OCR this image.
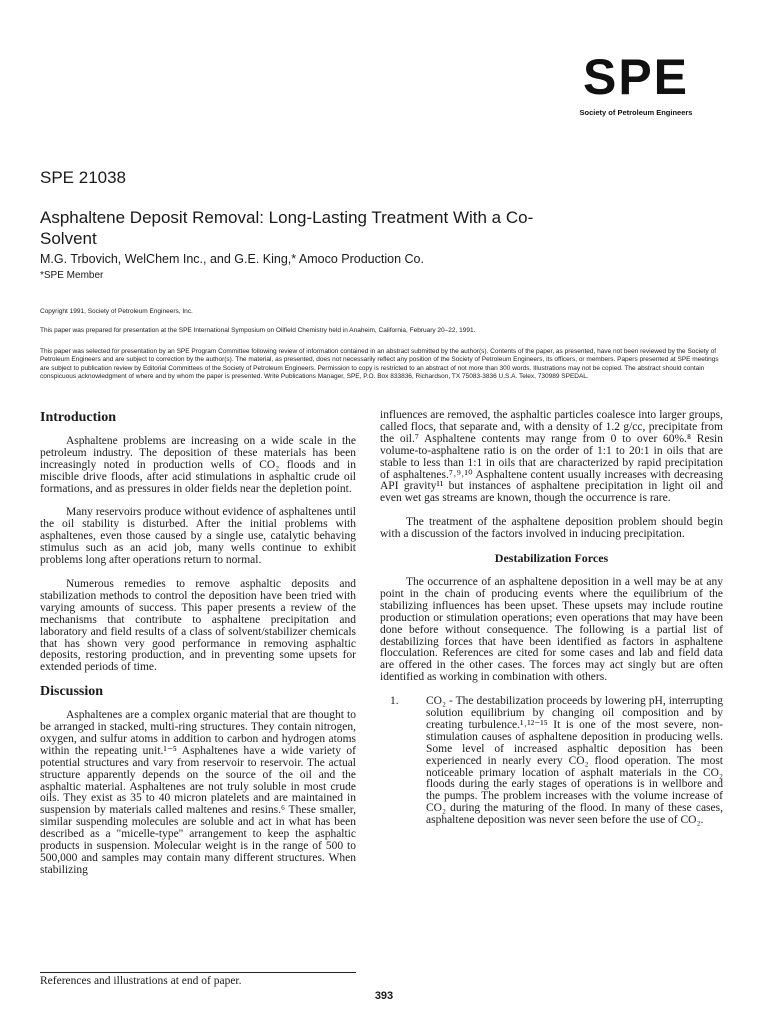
SPE
Society of Petroleum Engineers
SPE 21038
Asphaltene Deposit Removal: Long-Lasting Treatment With a Co-Solvent
M.G. Trbovich, WelChem Inc., and G.E. King,* Amoco Production Co.
*SPE Member
Copyright 1991, Society of Petroleum Engineers, Inc.
This paper was prepared for presentation at the SPE International Symposium on Oilfield Chemistry held in Anaheim, California, February 20–22, 1991.
This paper was selected for presentation by an SPE Program Committee following review of information contained in an abstract submitted by the author(s). Contents of the paper, as presented, have not been reviewed by the Society of Petroleum Engineers and are subject to correction by the author(s). The material, as presented, does not necessarily reflect any position of the Society of Petroleum Engineers, its officers, or members. Papers presented at SPE meetings are subject to publication review by Editorial Committees of the Society of Petroleum Engineers. Permission to copy is restricted to an abstract of not more than 300 words. Illustrations may not be copied. The abstract should contain conspicuous acknowledgment of where and by whom the paper is presented. Write Publications Manager, SPE, P.O. Box 833836, Richardson, TX 75083-3836 U.S.A. Telex, 730989 SPEDAL.
Introduction

Asphaltene problems are increasing on a wide scale in the petroleum industry. The deposition of these materials has been increasingly noted in production wells of CO₂ floods and in miscible drive floods, after acid stimulations in asphaltic crude oil formations, and as pressures in older fields near the depletion point.

Many reservoirs produce without evidence of asphaltenes until the oil stability is disturbed. After the initial problems with asphaltenes, even those caused by a single use, catalytic behaving stimulus such as an acid job, many wells continue to exhibit problems long after operations return to normal.

Numerous remedies to remove asphaltic deposits and stabilization methods to control the deposition have been tried with varying amounts of success. This paper presents a review of the mechanisms that contribute to asphaltene precipitation and laboratory and field results of a class of solvent/stabilizer chemicals that has shown very good performance in removing asphaltic deposits, restoring production, and in preventing some upsets for extended periods of time.

Discussion

Asphaltenes are a complex organic material that are thought to be arranged in stacked, multi-ring structures. They contain nitrogen, oxygen, and sulfur atoms in addition to carbon and hydrogen atoms within the repeating unit.¹⁻⁵ Asphaltenes have a wide variety of potential structures and vary from reservoir to reservoir. The actual structure apparently depends on the source of the oil and the asphaltic material. Asphaltenes are not truly soluble in most crude oils. They exist as 35 to 40 micron platelets and are maintained in suspension by materials called maltenes and resins.⁶ These smaller, similar suspending molecules are soluble and act in what has been described as a "micelle-type" arrangement to keep the asphaltic products in suspension. Molecular weight is in the range of 500 to 500,000 and samples may contain many different structures. When stabilizing

influences are removed, the asphaltic particles coalesce into larger groups, called flocs, that separate and, with a density of 1.2 g/cc, precipitate from the oil.⁷ Asphaltene contents may range from 0 to over 60%.⁸ Resin volume-to-asphaltene ratio is on the order of 1:1 to 20:1 in oils that are stable to less than 1:1 in oils that are characterized by rapid precipitation of asphaltenes.⁷˒⁹˒¹⁰ Asphaltene content usually increases with decreasing API gravity¹¹ but instances of asphaltene precipitation in light oil and even wet gas streams are known, though the occurrence is rare.

The treatment of the asphaltene deposition problem should begin with a discussion of the factors involved in inducing precipitation.

Destabilization Forces

The occurrence of an asphaltene deposition in a well may be at any point in the chain of producing events where the equilibrium of the stabilizing influences has been upset. These upsets may include routine production or stimulation operations; even operations that may have been done before without consequence. The following is a partial list of destabilizing forces that have been identified as factors in asphaltene flocculation. References are cited for some cases and lab and field data are offered in the other cases. The forces may act singly but are often identified as working in combination with others.

1.	CO₂ - The destabilization proceeds by lowering pH, interrupting solution equilibrium by changing oil composition and by creating turbulence.¹˒¹²⁻¹⁵ It is one of the most severe, non-stimulation causes of asphaltene deposition in producing wells. Some level of increased asphaltic deposition has been experienced in nearly every CO₂ flood operation. The most noticeable primary location of asphalt materials in the CO₂ floods during the early stages of operations is in wellbore and the pumps. The problem increases with the volume increase of CO₂ during the maturing of the flood. In many of these cases, asphaltene deposition was never seen before the use of CO₂.
References and illustrations at end of paper.
393
